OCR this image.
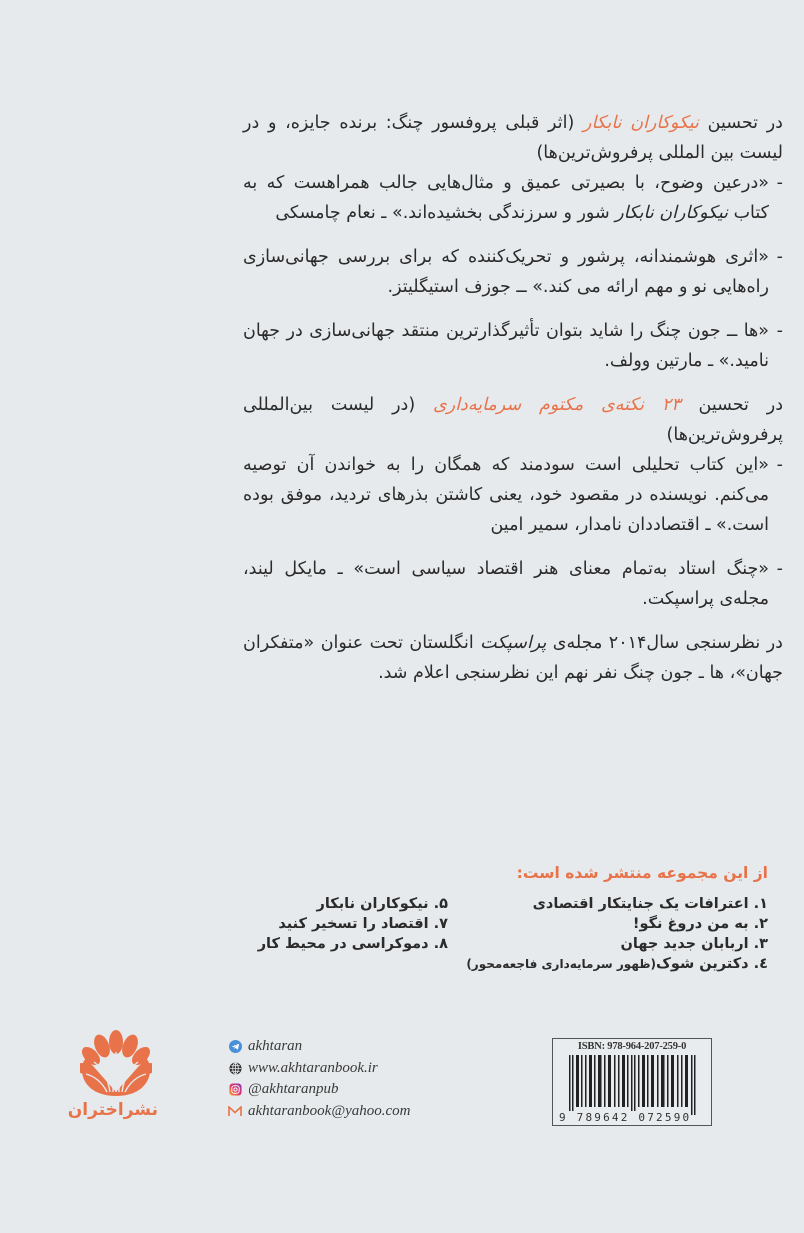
در تحسین نیکوکاران نابکار (اثر قبلی پروفسور چنگ: برنده جایزه، و در لیست بین المللی پرفروش‌ترین‌ها)

-
«درعین وضوح، با بصیرتی عمیق و مثال‌هایی جالب همراهست که به کتاب نیکوکاران نابکار شور و سرزندگی بخشیده‌اند.» ـ نعام چامسکی
-
«اثری هوشمندانه، پرشور و تحریک‌کننده که برای بررسی جهانی‌سازی راه‌هایی نو و مهم ارائه می کند.» ــ جوزف استیگلیتز.
-
«ها ــ جون چنگ را شاید بتوان تأثیرگذارترین منتقد جهانی‌سازی در جهان نامید.» ـ مارتین وولف.

در تحسین ۲۳ نکته‌ی مکتوم سرمایه‌داری (در لیست بین‌المللی پرفروش‌ترین‌ها)

-
«این کتاب تحلیلی است سودمند که همگان را به خواندن آن توصیه می‌کنم. نویسنده در مقصود خود، یعنی کاشتن بذرهای تردید، موفق بوده است.» ـ اقتصاددان نامدار، سمیر امین
-
«چنگ استاد به‌تمام معنای هنر اقتصاد سیاسی است» ـ مایکل لیند، مجله‌ی پراسپکت.

در نظرسنجی سال۲۰۱۴ مجله‌ی پراسپکت انگلستان تحت عنوان «متفکران جهان»، ها ـ جون چنگ نفر نهم این نظرسنجی اعلام شد.

از این مجموعه منتشر شده است:
۱. اعترافات یک جنایتکار اقتصادی
۲. به من دروغ نگو!
۳. اربابان جدید جهان
٤. دکترین شوک(ظهور سرمایه‌داری فاجعه‌محور)
۵. نیکوکاران نابکار
۷. اقتصاد را تسخیر کنید
۸. دموکراسی در محیط کار
نشراختران
akhtaran
www.akhtaranbook.ir
@akhtaranpub
akhtaranbook@yahoo.com
ISBN: 978-964-207-259-0
9 789642 072590
